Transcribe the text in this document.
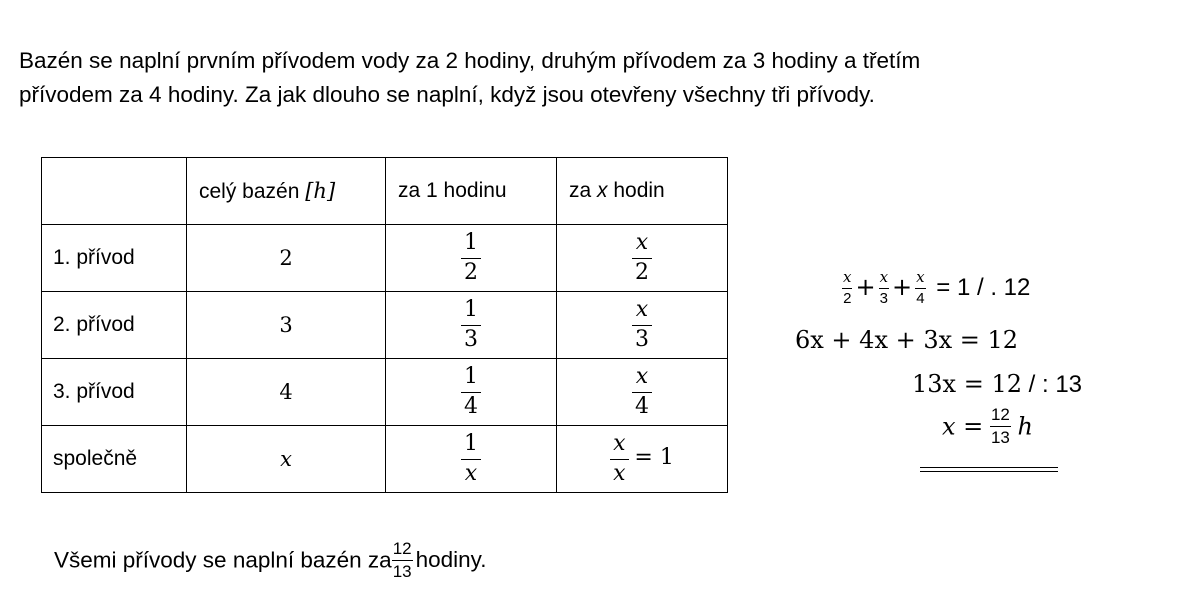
Bazén se naplní prvním přívodem vody za 2 hodiny, druhým přívodem za 3 hodiny a třetím
přívodem za 4 hodiny. Za jak dlouho se naplní, když jsou otevřeny všechny tři přívody.
	celý bazén [h]	za 1 hodinu	za x hodin
1. přívod	2	$\frac{1}{2}$	$\frac{x}{2}$

2. přívod	3	$\frac{1}{3}$	$\frac{x}{3}$

3. přívod	4	$\frac{1}{4}$	$\frac{x}{4}$

společně	x	$\frac{1}{x}$	$\frac{x}{x} = 1$
$\frac{x}{2} + \frac{x}{3} + \frac{x}{4} = 1$ / . 12
6x + 4x + 3x = 12
13x = 12 / : 13
$x = \frac{12}{13}$ h
Všemi přívody se naplní bazén za $\frac{12}{13}$ hodiny.
